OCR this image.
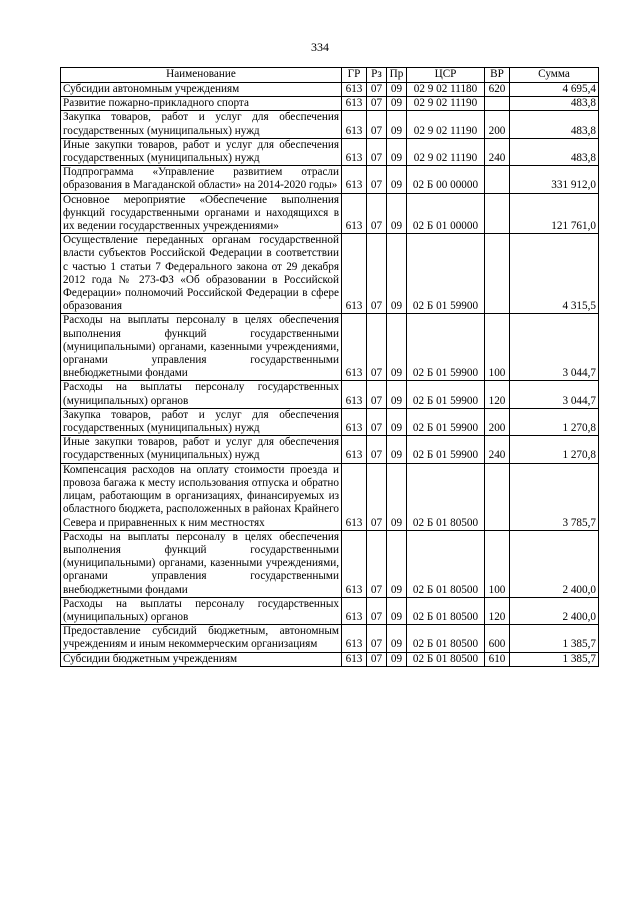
334
Наименование	ГР	Рз	Пр	ЦСР	ВР	Сумма
Субсидии автономным учреждениям	613	07	09	02 9 02 11180	620	4 695,4
Развитие пожарно-прикладного спорта	613	07	09	02 9 02 11190		483,8
Закупка товаров, работ и услуг для обеспечения государственных (муниципальных) нужд	613	07	09	02 9 02 11190	200	483,8
Иные закупки товаров, работ и услуг для обеспечения государственных (муниципальных) нужд	613	07	09	02 9 02 11190	240	483,8
Подпрограмма «Управление развитием отрасли образования в Магаданской области» на 2014-2020 годы»	613	07	09	02 Б 00 00000		331 912,0
Основное мероприятие «Обеспечение выполнения функций государственными органами и находящихся в их ведении государственных учреждениями»	613	07	09	02 Б 01 00000		121 761,0
Осуществление переданных органам государственной власти субъектов Российской Федерации в соответствии с частью 1 статьи 7 Федерального закона от 29 декабря 2012 года № 273-ФЗ «Об образовании в Российской Федерации» полномочий Российской Федерации в сфере образования	613	07	09	02 Б 01 59900		4 315,5
Расходы на выплаты персоналу в целях обеспечения выполнения функций государственными (муниципальными) органами, казенными учреждениями, органами управления государственными внебюджетными фондами	613	07	09	02 Б 01 59900	100	3 044,7
Расходы на выплаты персоналу государственных (муниципальных) органов	613	07	09	02 Б 01 59900	120	3 044,7
Закупка товаров, работ и услуг для обеспечения государственных (муниципальных) нужд	613	07	09	02 Б 01 59900	200	1 270,8
Иные закупки товаров, работ и услуг для обеспечения государственных (муниципальных) нужд	613	07	09	02 Б 01 59900	240	1 270,8
Компенсация расходов на оплату стоимости проезда и провоза багажа к месту использования отпуска и обратно лицам, работающим в организациях, финансируемых из областного бюджета, расположенных в районах Крайнего Севера и приравненных к ним местностях	613	07	09	02 Б 01 80500		3 785,7
Расходы на выплаты персоналу в целях обеспечения выполнения функций государственными (муниципальными) органами, казенными учреждениями, органами управления государственными внебюджетными фондами	613	07	09	02 Б 01 80500	100	2 400,0
Расходы на выплаты персоналу государственных (муниципальных) органов	613	07	09	02 Б 01 80500	120	2 400,0
Предоставление субсидий бюджетным, автономным учреждениям и иным некоммерческим организациям	613	07	09	02 Б 01 80500	600	1 385,7
Субсидии бюджетным учреждениям	613	07	09	02 Б 01 80500	610	1 385,7
